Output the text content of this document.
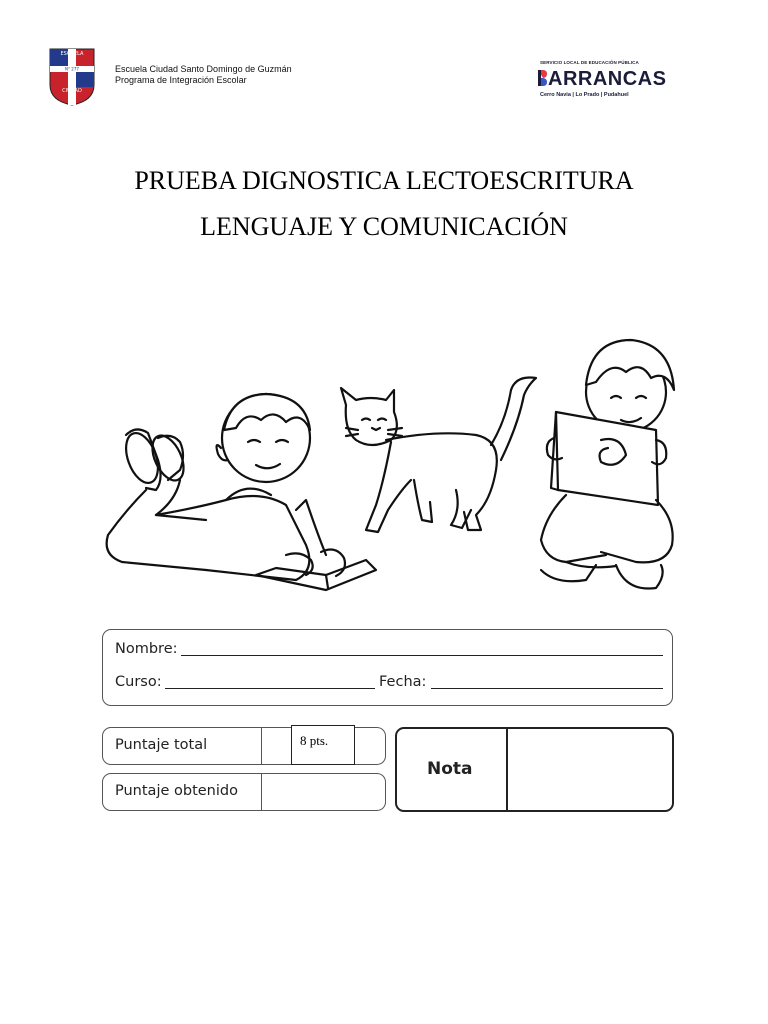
ESCUELA
N° 277
CIUDAD
Escuela Ciudad Santo Domingo de Guzmán
Programa de Integración Escolar
SERVICIO LOCAL DE EDUCACIÓN PÚBLICA
ARRANCAS
Cerro Navia | Lo Prado | Pudahuel
PRUEBA DIGNOSTICA LECTOESCRITURA
LENGUAJE Y COMUNICACIÓN
Nombre:
Curso:	Fecha:
Puntaje total	8 pts.
Puntaje obtenido
Nota
